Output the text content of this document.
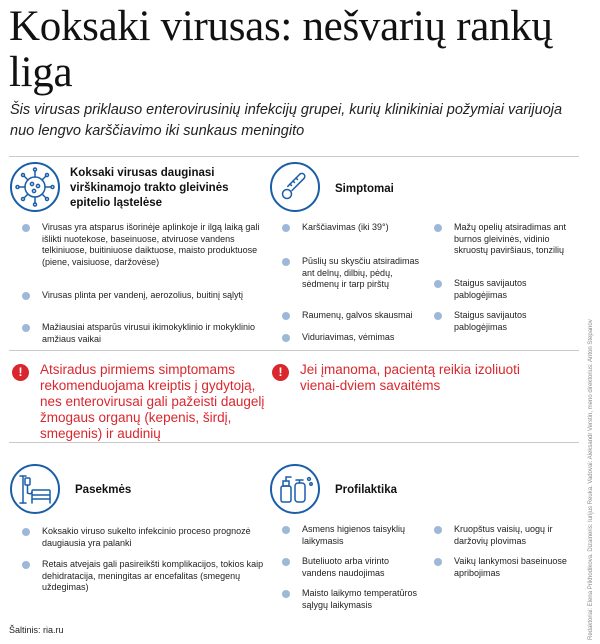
Koksaki virusas: nešvarių rankų liga
Šis virusas priklauso enterovirusinių infekcijų grupei, kurių klinikiniai požymiai varijuoja nuo lengvo karščiavimo iki sunkaus meningito
Koksaki virusas dauginasi virškinamojo trakto gleivinės epitelio ląstelėse
Virusas yra atsparus išorinėje aplinkoje ir ilgą laiką gali išlikti nuotekose, baseinuose, atviruose vandens telkiniuose, buitiniuose daiktuose, maisto produktuose (piene, vaisiuose, daržovėse)
Virusas plinta per vandenį, aerozolius, buitinį sąlytį
Mažiausiai atsparūs virusui ikimokyklinio ir mokyklinio amžiaus vaikai
Simptomai
Karščiavimas (iki 39°)
Pūslių su skysčiu atsiradimas ant delnų, dilbių, pėdų, sėdmenų ir tarp pirštų
Raumenų, galvos skausmai
Viduriavimas, vėmimas
Mažų opelių atsiradimas ant burnos gleivinės, vidinio skruostų paviršiaus, tonzilių
Staigus savijautos pablogėjimas
Staigus savijautos pablogėjimas
!	Atsiradus pirmiems simptomams rekomenduojama kreiptis į gydytoją, nes enterovirusai gali pažeisti daugelį žmogaus organų (kepenis, širdį, smegenis) ir audinių
!	Jei įmanoma, pacientą reikia izoliuoti vienai-dviem savaitėms
Pasekmės
Koksakio viruso sukelto infekcinio proceso prognozė daugiausia yra palanki
Retais atvejais gali pasireikšti komplikacijos, tokios kaip dehidratacija, meningitas ar encefalitas (smegenų uždegimas)
Profilaktika
Asmens higienos taisyklių laikymasis
Buteliuoto arba virinto vandens naudojimas
Maisto laikymo temperatūros sąlygų laikymasis
Kruopštus vaisių, uogų ir daržovių plovimas
Vaikų lankymosi baseinuose apribojimas
Šaltinis: ria.ru	Redaktoriai: Elena Prikhodikova. Dizaineris: Iurijus Reuka. Vadovai: Aleksandr Verstin, meno direktorius: Anton Stepanov
